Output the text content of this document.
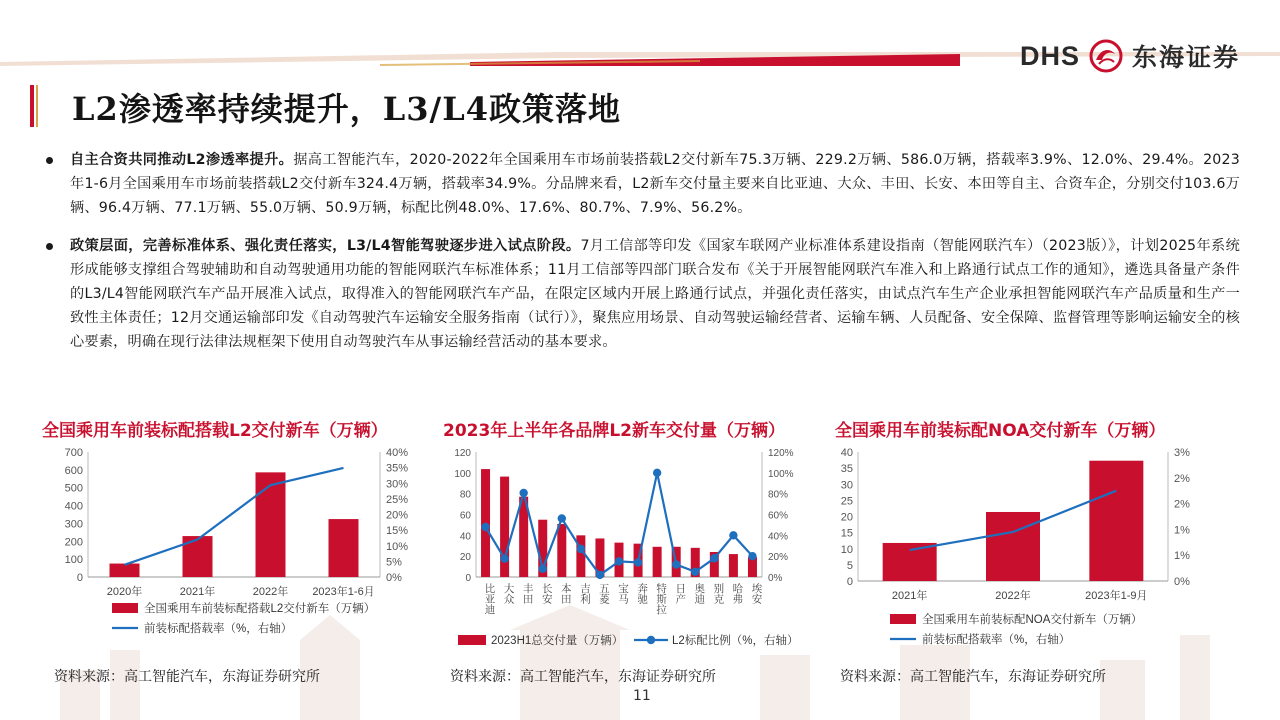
DHS 东海证券
L2渗透率持续提升，L3/L4政策落地

自主合资共同推动L2渗透率提升。据高工智能汽车，2020-2022年全国乘用车市场前装搭载L2交付新车75.3万辆、229.2万辆、586.0万辆，搭载率3.9%、12.0%、29.4%。2023年1-6月全国乘用车市场前装搭载L2交付新车324.4万辆，搭载率34.9%。分品牌来看，L2新车交付量主要来自比亚迪、大众、丰田、长安、本田等自主、合资车企，分别交付103.6万辆、96.4万辆、77.1万辆、55.0万辆、50.9万辆，标配比例48.0%、17.6%、80.7%、7.9%、56.2%。

政策层面，完善标准体系、强化责任落实，L3/L4智能驾驶逐步进入试点阶段。7月工信部等印发《国家车联网产业标准体系建设指南（智能网联汽车）（2023版）》，计划2025年系统形成能够支撑组合驾驶辅助和自动驾驶通用功能的智能网联汽车标准体系；11月工信部等四部门联合发布《关于开展智能网联汽车准入和上路通行试点工作的通知》，遴选具备量产条件的L3/L4智能网联汽车产品开展准入试点，取得准入的智能网联汽车产品，在限定区域内开展上路通行试点，并强化责任落实，由试点汽车生产企业承担智能网联汽车产品质量和生产一致性主体责任；12月交通运输部印发《自动驾驶汽车运输安全服务指南（试行）》，聚焦应用场景、自动驾驶运输经营者、运输车辆、人员配备、安全保障、监督管理等影响运输安全的核心要素，明确在现行法律法规框架下使用自动驾驶汽车从事运输经营活动的基本要求。

全国乘用车前装标配搭载L2交付新车（万辆）
0
100
200
300
400
500
600
700
0%
5%
10%
15%
20%
25%
30%
35%
40%
2020年	2021年	2022年 2023年1-6月
全国乘用车前装标配搭载L2交付新车（万辆）
前装标配搭载率（%，右轴）
2023年上半年各品牌L2新车交付量（万辆）
0
20
40
60
80
100
120
0%
20%
40%
60%
80%
100%
120%
比亚迪 大众 丰田 长安 本田 吉利 五菱 宝马 奔驰 特斯拉 日产 奥迪 别克 哈弗 埃安
2023H1总交付量（万辆）	L2标配比例（%，右轴）
全国乘用车前装标配NOA交付新车（万辆）
0
5
10
15
20
25
30
35
40
0%
1%
1%
2%
2%
3%
2021年	2022年	2023年1-9月
全国乘用车前装标配NOA交付新车（万辆）
前装标配搭载率（%，右轴）
资料来源：高工智能汽车，东海证券研究所	资料来源：高工智能汽车，东海证券研究所	资料来源：高工智能汽车，东海证券研究所
11
